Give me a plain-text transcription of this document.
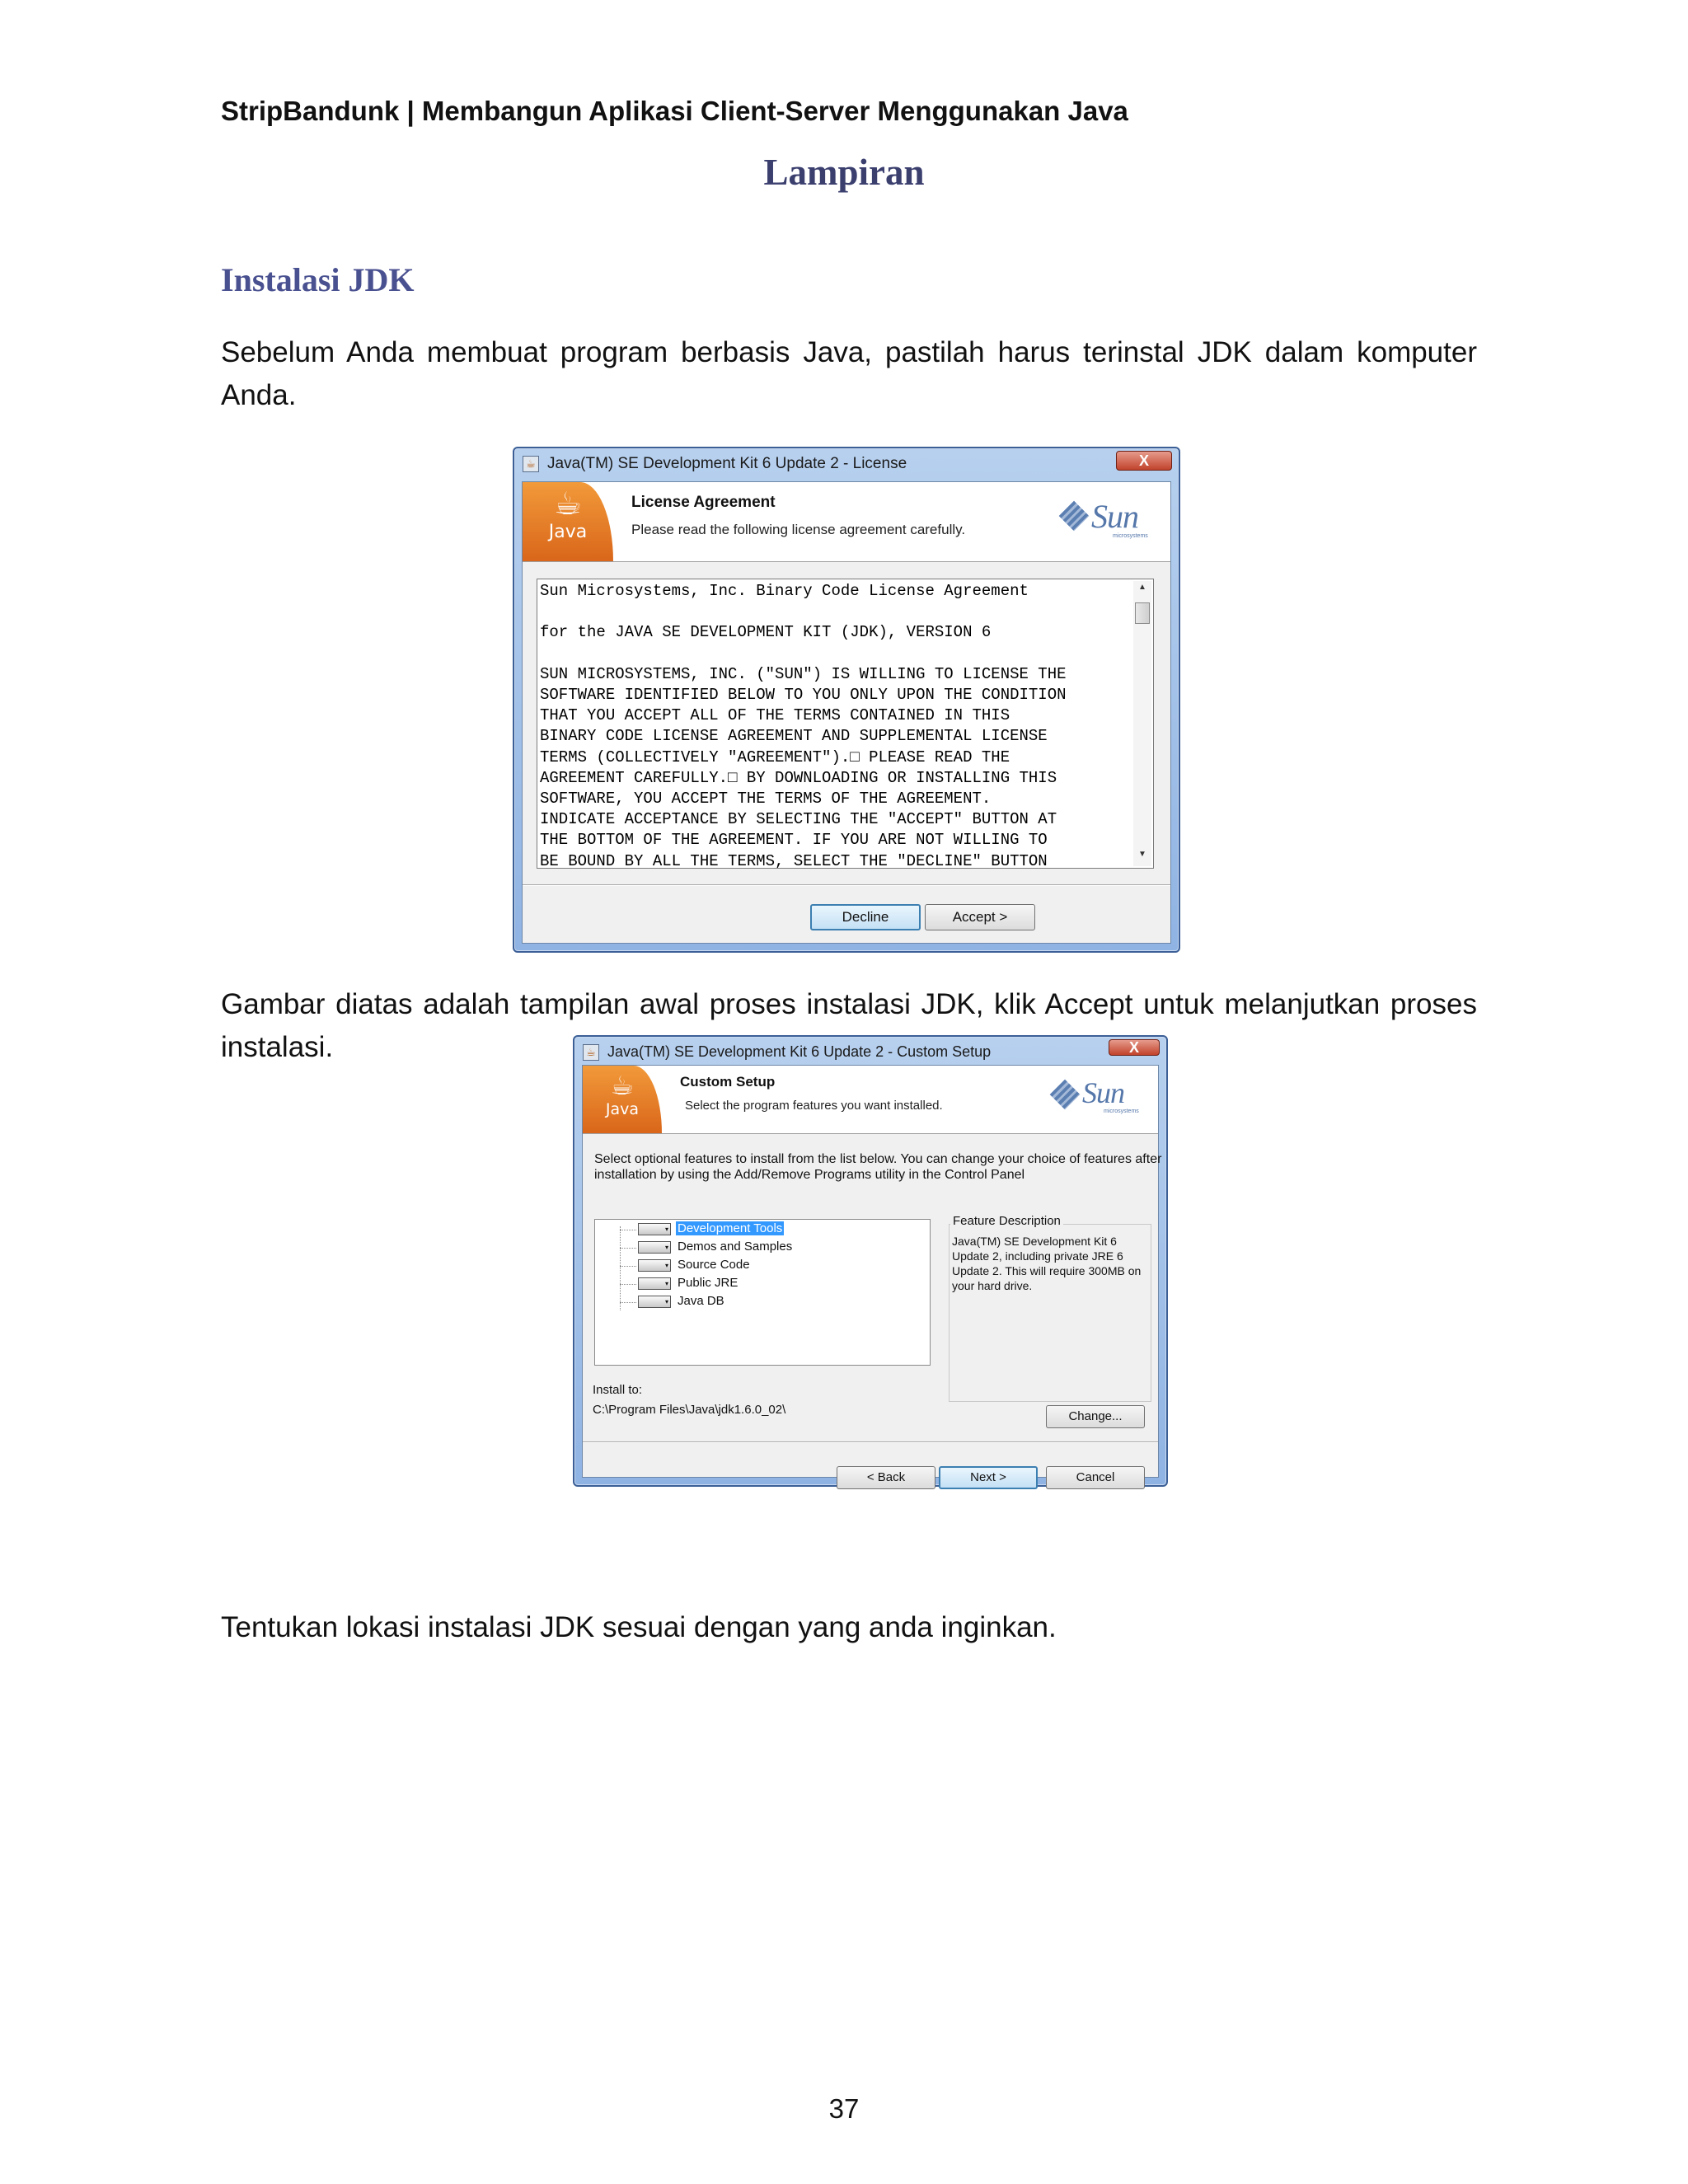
StripBandunk | Membangun Aplikasi Client-Server Menggunakan Java
Lampiran
Instalasi JDK
Sebelum Anda membuat program berbasis Java, pastilah harus terinstal JDK dalam komputer Anda.
☕ Java(TM) SE Development Kit 6 Update 2 - License	X
☕
Java
License Agreement
Please read the following license agreement carefully.	Sun
microsystems
Sun Microsystems, Inc. Binary Code License Agreement

for the JAVA SE DEVELOPMENT KIT (JDK), VERSION 6

SUN MICROSYSTEMS, INC. ("SUN") IS WILLING TO LICENSE THE
SOFTWARE IDENTIFIED BELOW TO YOU ONLY UPON THE CONDITION
THAT YOU ACCEPT ALL OF THE TERMS CONTAINED IN THIS
BINARY CODE LICENSE AGREEMENT AND SUPPLEMENTAL LICENSE
TERMS (COLLECTIVELY "AGREEMENT").□ PLEASE READ THE
AGREEMENT CAREFULLY.□ BY DOWNLOADING OR INSTALLING THIS
SOFTWARE, YOU ACCEPT THE TERMS OF THE AGREEMENT.
INDICATE ACCEPTANCE BY SELECTING THE "ACCEPT" BUTTON AT
THE BOTTOM OF THE AGREEMENT. IF YOU ARE NOT WILLING TO
BE BOUND BY ALL THE TERMS, SELECT THE "DECLINE" BUTTON
▲
▼
Decline	Accept >
Gambar diatas adalah tampilan awal proses instalasi JDK, klik Accept untuk melanjutkan proses instalasi.	☕ Java(TM) SE Development Kit 6 Update 2 - Custom Setup	X
☕
Java
Custom Setup
Select the program features you want installed.	Sun
microsystems
Select optional features to install from the list below. You can change your choice of features after installation by using the Add/Remove Programs utility in the Control Panel
▾ Development Tools
▾ Demos and Samples
▾ Source Code
▾ Public JRE
▾ Java DB
Feature Description
Java(TM) SE Development Kit 6 Update 2, including private JRE 6 Update 2. This will require 300MB on your hard drive.
Install to:
C:\Program Files\Java\jdk1.6.0_02\	Change...
< Back	Next >	Cancel
Tentukan lokasi instalasi JDK sesuai dengan yang anda inginkan.
37
